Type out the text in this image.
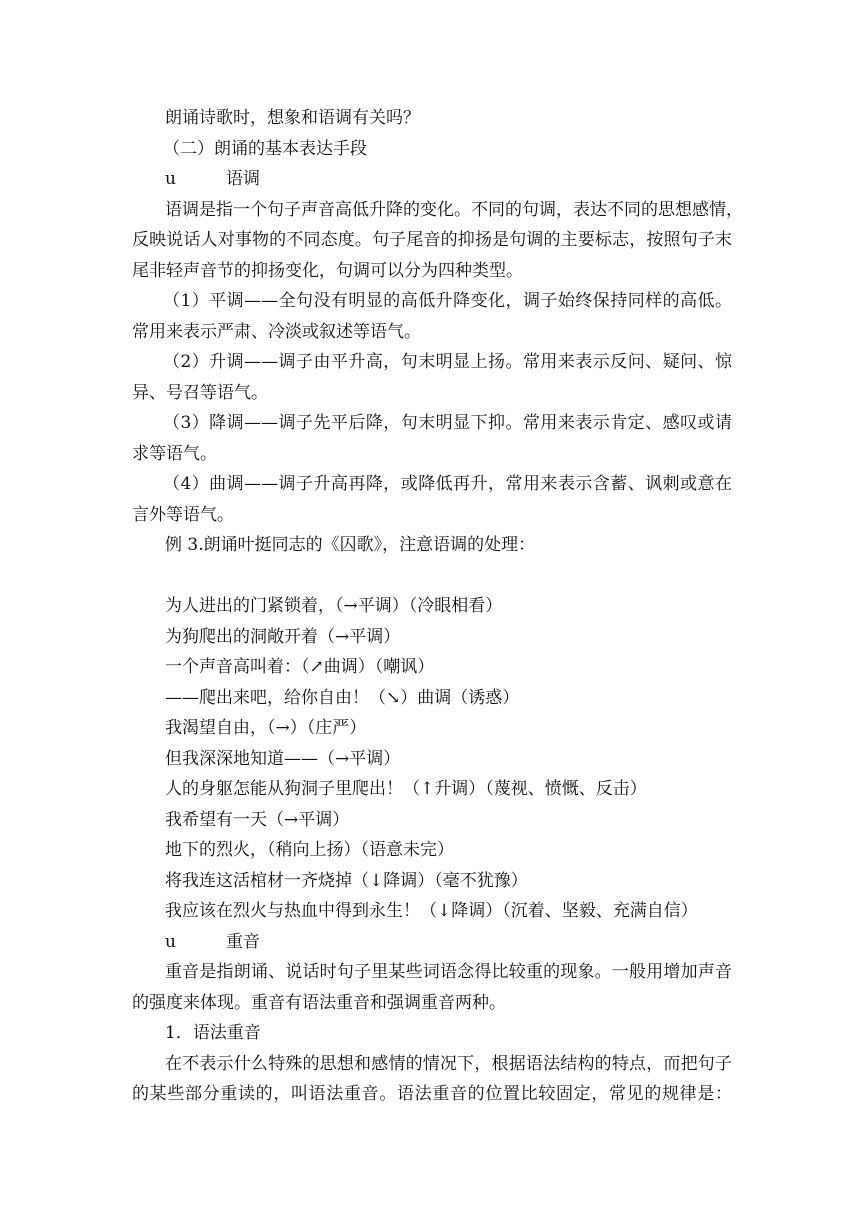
朗诵诗歌时，想象和语调有关吗？
（二）朗诵的基本表达手段
u	语调
语调是指一个句子声音高低升降的变化。不同的句调，表达不同的思想感情，
反映说话人对事物的不同态度。句子尾音的抑扬是句调的主要标志，按照句子末
尾非轻声音节的抑扬变化，句调可以分为四种类型。
（1）平调——全句没有明显的高低升降变化，调子始终保持同样的高低。
常用来表示严肃、冷淡或叙述等语气。
（2）升调——调子由平升高，句末明显上扬。常用来表示反问、疑问、惊
异、号召等语气。
（3）降调——调子先平后降，句末明显下抑。常用来表示肯定、感叹或请
求等语气。
（4）曲调——调子升高再降，或降低再升，常用来表示含蓄、讽刺或意在
言外等语气。
例 3.朗诵叶挺同志的《囚歌》，注意语调的处理：
为人进出的门紧锁着，（→平调）（冷眼相看）
为狗爬出的洞敞开着（→平调）
一个声音高叫着：（↗曲调）（嘲讽）
——爬出来吧，给你自由！（↘）曲调（诱惑）
我渴望自由，（→）（庄严）
但我深深地知道——（→平调）
人的身躯怎能从狗洞子里爬出！（↑升调）（蔑视、愤慨、反击）
我希望有一天（→平调）
地下的烈火，（稍向上扬）（语意未完）
将我连这活棺材一齐烧掉（↓降调）（毫不犹豫）
我应该在烈火与热血中得到永生！（↓降调）（沉着、坚毅、充满自信）
u	重音
重音是指朗诵、说话时句子里某些词语念得比较重的现象。一般用增加声音
的强度来体现。重音有语法重音和强调重音两种。
1．语法重音
在不表示什么特殊的思想和感情的情况下，根据语法结构的特点，而把句子
的某些部分重读的，叫语法重音。语法重音的位置比较固定，常见的规律是：
